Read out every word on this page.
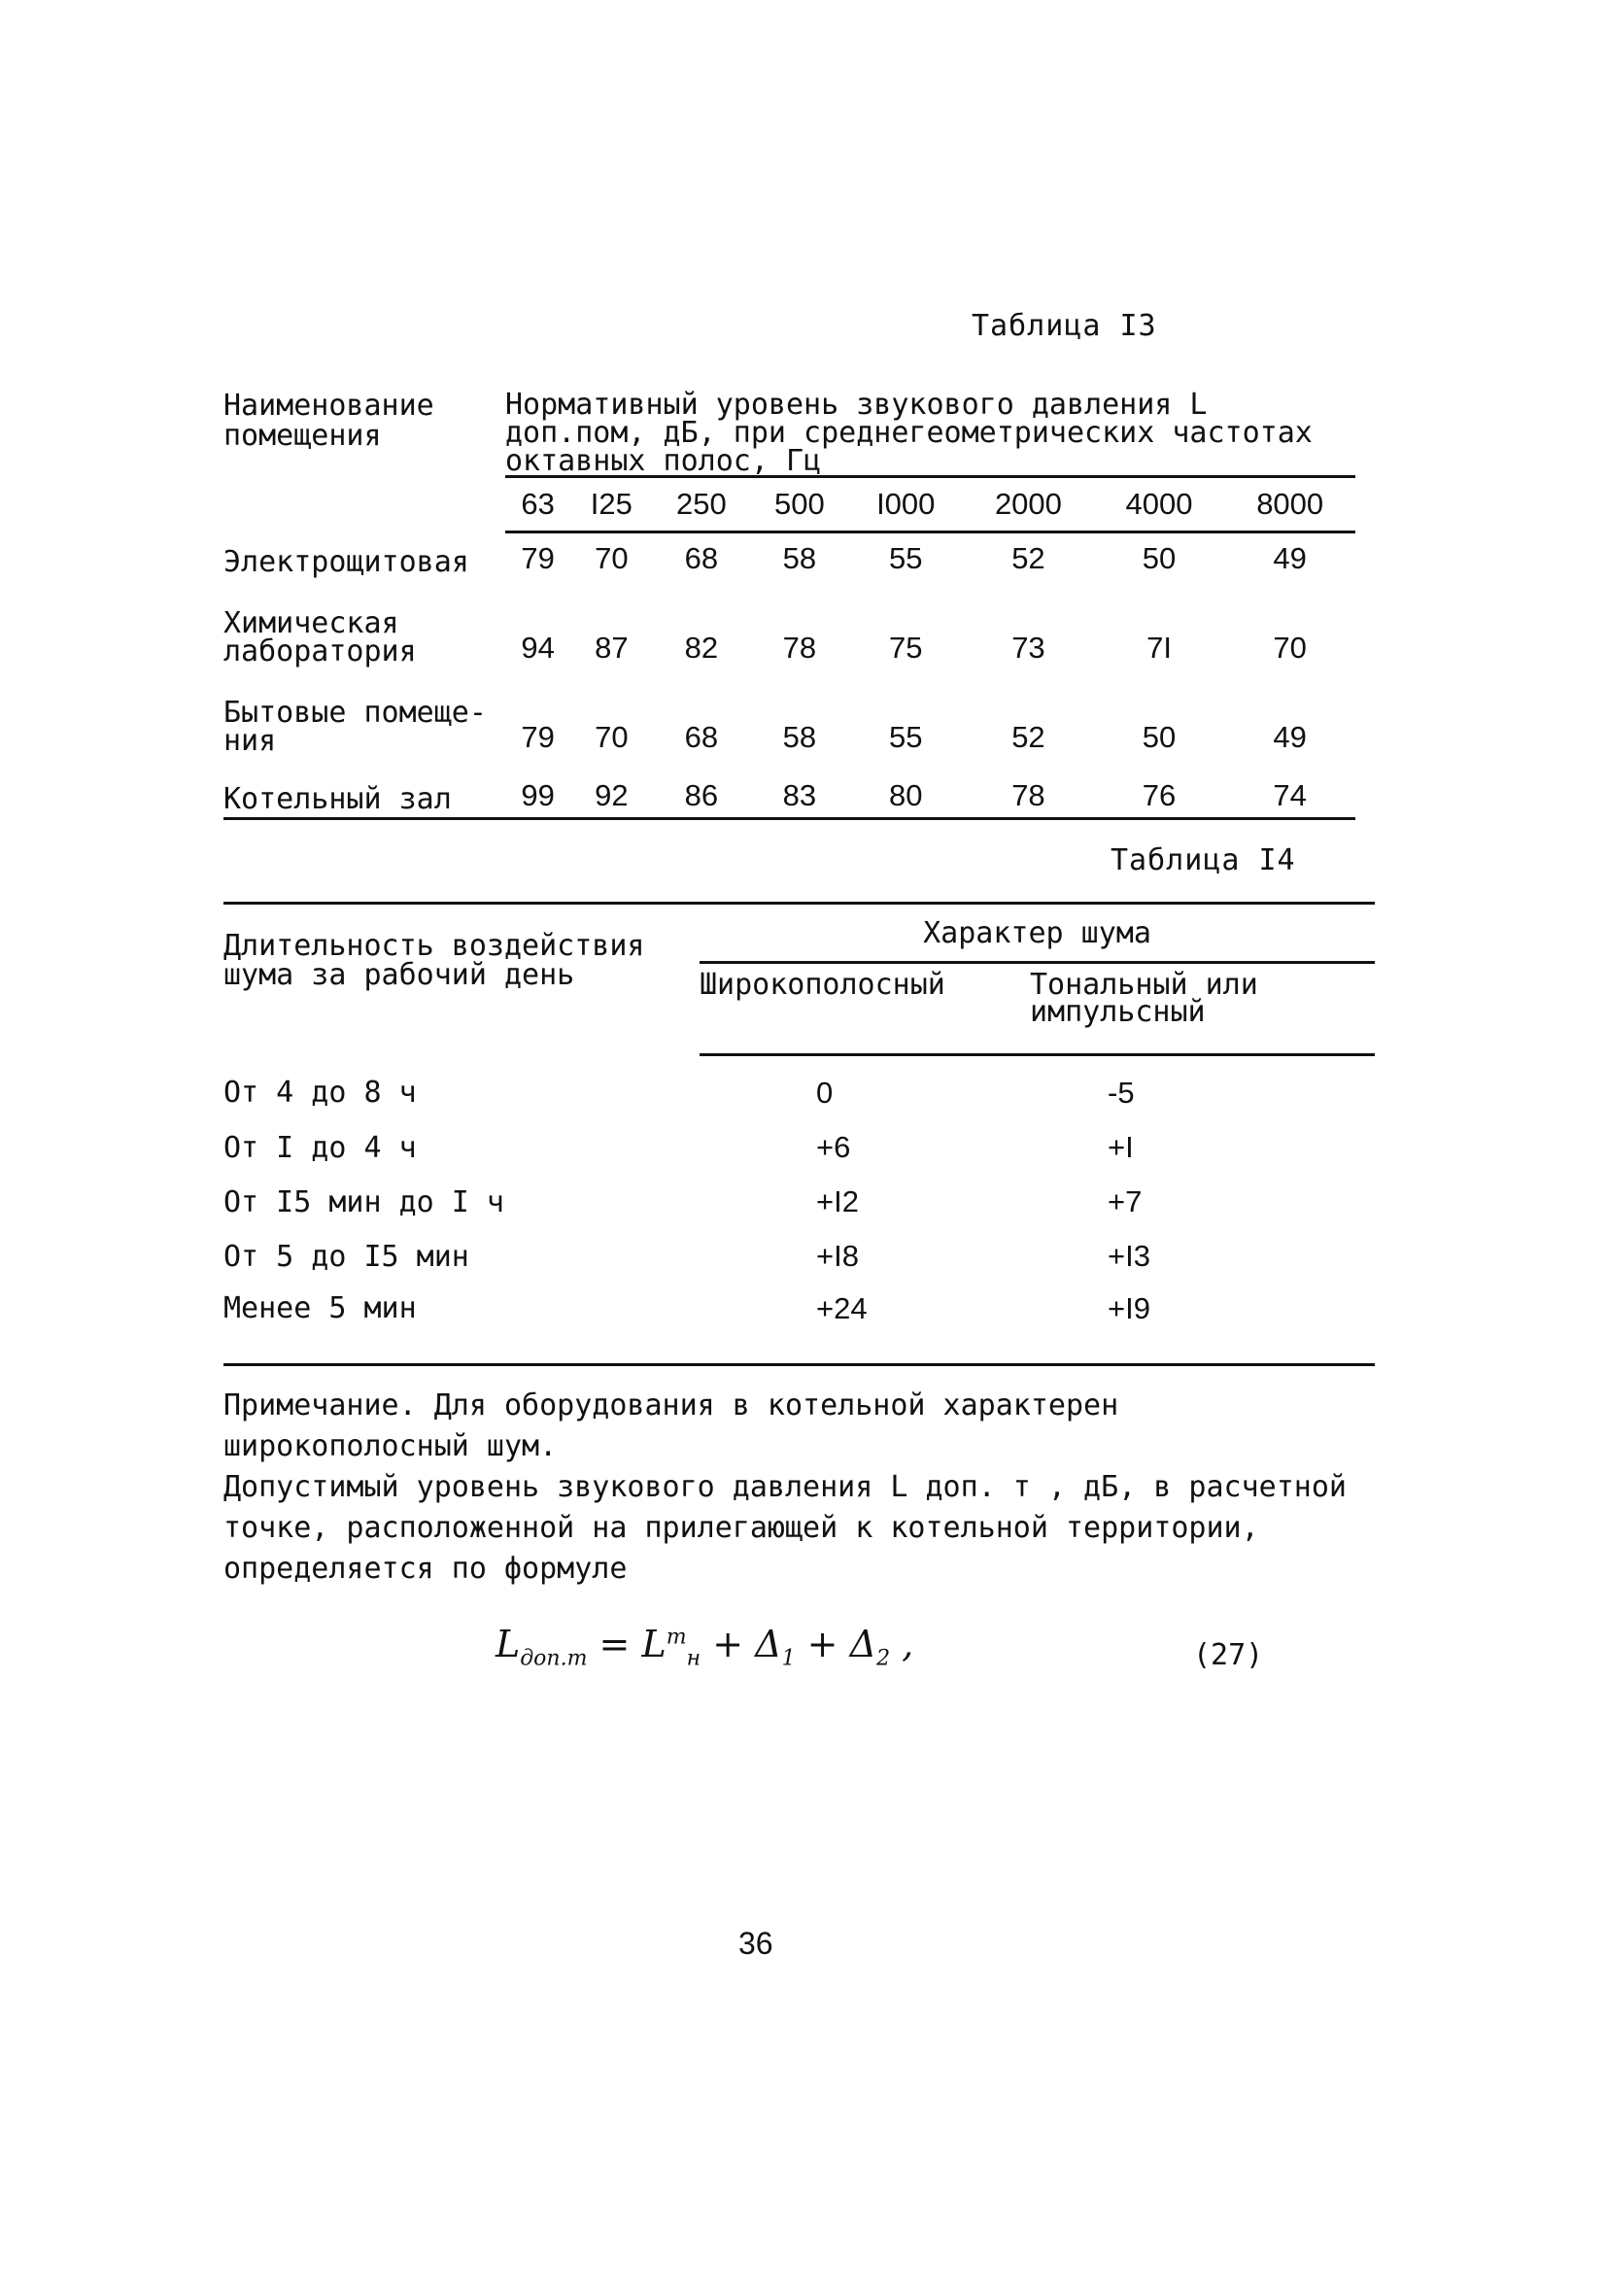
Таблица I3
Наименование помещения	Нормативный уровень звукового давления L доп.пом, дБ, при среднегеометрических частотах октавных полос, Гц							
	63	I25	250	500	I000	2000	4000	8000
Электрощитовая	79	70	68	58	55	52	50	49
Химическая лаборатория	94	87	82	78	75	73	7I	70
Бытовые помеще-ния	79	70	68	58	55	52	50	49
Котельный зал	99	92	86	83	80	78	76	74
Таблица I4
Длительность воздействия шума за рабочий день	Характер шума	
	Широкополосный	Тональный или импульсный
От 4 до 8 ч	0	-5
От I до 4 ч	+6	+I
От I5 мин до I ч	+I2	+7
От 5 до I5 мин	+I8	+I3
Менее 5 мин	+24	+I9
Примечание. Для оборудования в котельной характерен широкополосный шум.
Допустимый уровень звукового давления L доп. т , дБ, в расчетной точке, расположенной на прилегающей к котельной территории, определяется по формуле
$L_{доп.т} = L^т_н + \Delta_1 + \Delta_2$ ,	(27)
36
